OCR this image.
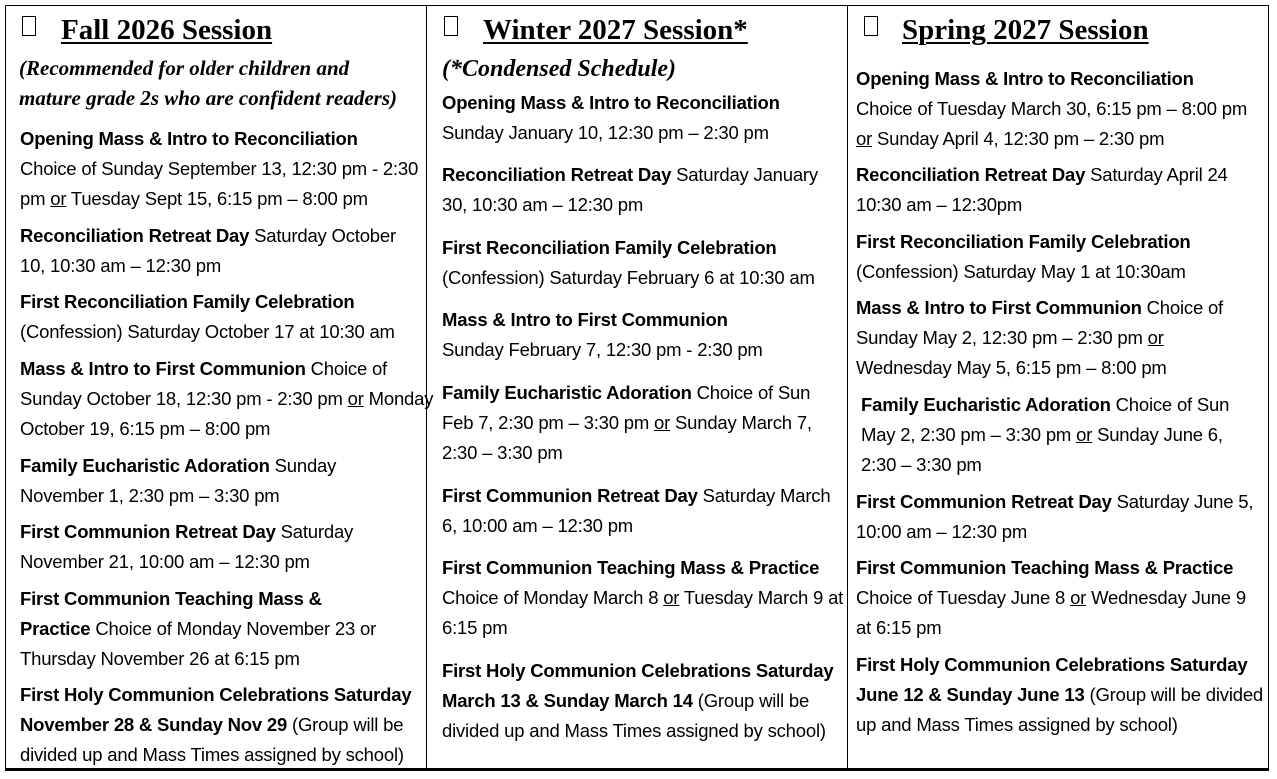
Fall 2026 Session
(Recommended for older children and
mature grade 2s who are confident readers)
Opening Mass & Intro to Reconciliation
Choice of Sunday September 13, 12:30 pm - 2:30
pm or Tuesday Sept 15, 6:15 pm – 8:00 pm
Reconciliation Retreat Day Saturday October
10, 10:30 am – 12:30 pm
First Reconciliation Family Celebration
(Confession) Saturday October 17 at 10:30 am
Mass & Intro to First Communion Choice of
Sunday October 18, 12:30 pm - 2:30 pm or Monday
October 19, 6:15 pm – 8:00 pm
Family Eucharistic Adoration Sunday
November 1, 2:30 pm – 3:30 pm
First Communion Retreat Day Saturday
November 21, 10:00 am – 12:30 pm
First Communion Teaching Mass &
Practice Choice of Monday November 23 or
Thursday November 26 at 6:15 pm
First Holy Communion Celebrations Saturday
November 28 & Sunday Nov 29 (Group will be
divided up and Mass Times assigned by school)
Winter 2027 Session*
(*Condensed Schedule)
Opening Mass & Intro to Reconciliation
Sunday January 10, 12:30 pm – 2:30 pm
Reconciliation Retreat Day Saturday January
30, 10:30 am – 12:30 pm
First Reconciliation Family Celebration
(Confession) Saturday February 6 at 10:30 am
Mass & Intro to First Communion
Sunday February 7, 12:30 pm - 2:30 pm
Family Eucharistic Adoration Choice of Sun
Feb 7, 2:30 pm – 3:30 pm or Sunday March 7,
2:30 – 3:30 pm
First Communion Retreat Day Saturday March
6, 10:00 am – 12:30 pm
First Communion Teaching Mass & Practice
Choice of Monday March 8 or Tuesday March 9 at
6:15 pm
First Holy Communion Celebrations Saturday
March 13 & Sunday March 14 (Group will be
divided up and Mass Times assigned by school)
Spring 2027 Session
Opening Mass & Intro to Reconciliation
Choice of Tuesday March 30, 6:15 pm – 8:00 pm
or Sunday April 4, 12:30 pm – 2:30 pm
Reconciliation Retreat Day Saturday April 24
10:30 am – 12:30pm
First Reconciliation Family Celebration
(Confession) Saturday May 1 at 10:30am
Mass & Intro to First Communion Choice of
Sunday May 2, 12:30 pm – 2:30 pm or
Wednesday May 5, 6:15 pm – 8:00 pm
Family Eucharistic Adoration Choice of Sun
May 2, 2:30 pm – 3:30 pm or Sunday June 6,
2:30 – 3:30 pm
First Communion Retreat Day Saturday June 5,
10:00 am – 12:30 pm
First Communion Teaching Mass & Practice
Choice of Tuesday June 8 or Wednesday June 9
at 6:15 pm
First Holy Communion Celebrations Saturday
June 12 & Sunday June 13 (Group will be divided
up and Mass Times assigned by school)
